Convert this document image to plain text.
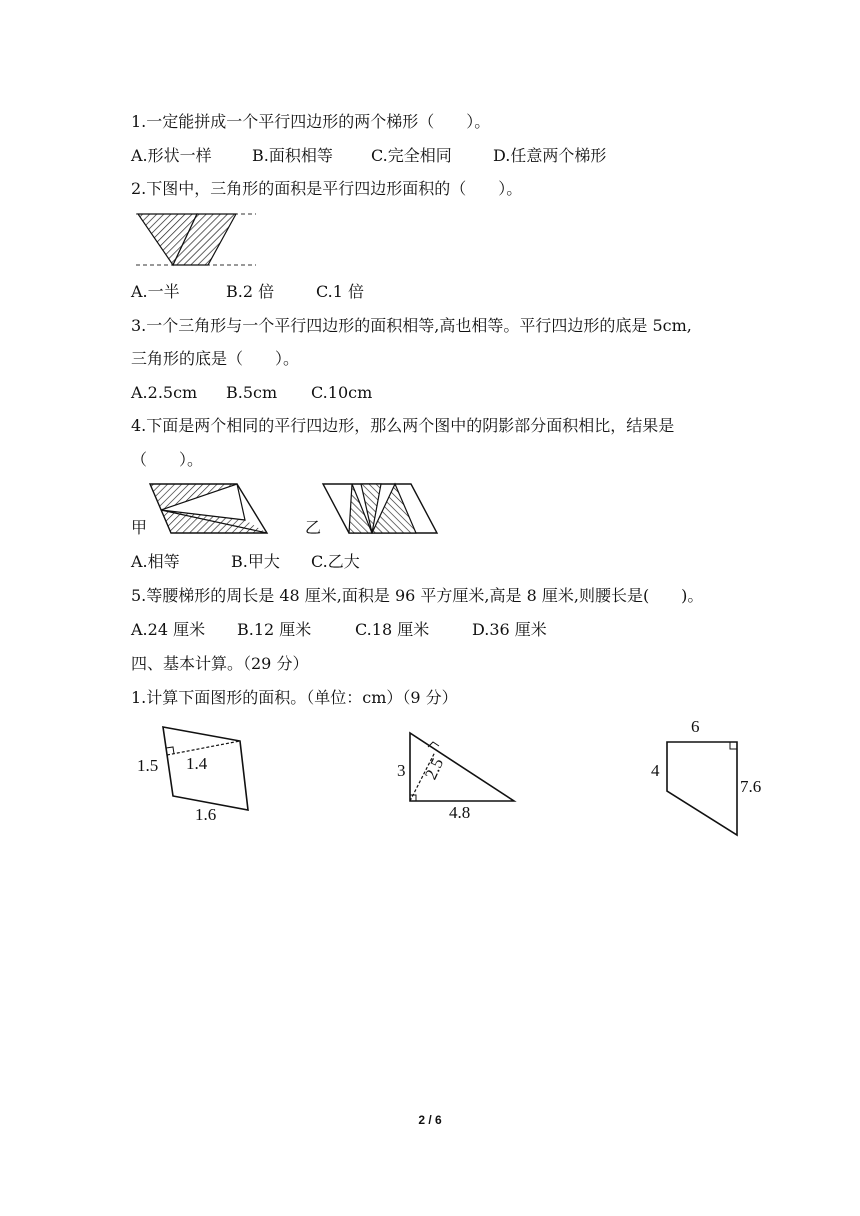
1.一定能拼成一个平行四边形的两个梯形（　　）。
A.形状一样	B.面积相等 C.完全相同	D.任意两个梯形
2.下图中，三角形的面积是平行四边形面积的（　　）。
A.一半	B.2 倍	C.1 倍
3.一个三角形与一个平行四边形的面积相等,高也相等。平行四边形的底是 5cm,
三角形的底是（　　）。
A.2.5cm B.5cm C.10cm
4.下面是两个相同的平行四边形，那么两个图中的阴影部分面积相比，结果是
（　　）。
甲	乙
A.相等	B.甲大 C.乙大
5.等腰梯形的周长是 48 厘米,面积是 96 平方厘米,高是 8 厘米,则腰长是(　　)。
A.24 厘米 B.12 厘米	C.18 厘米	D.36 厘米
四、基本计算。（29 分）
1.计算下面图形的面积。（单位：cm）（9 分）
1.5 1.4
1.6
3 2.5
4.8
6
4
7.6
2 / 6
